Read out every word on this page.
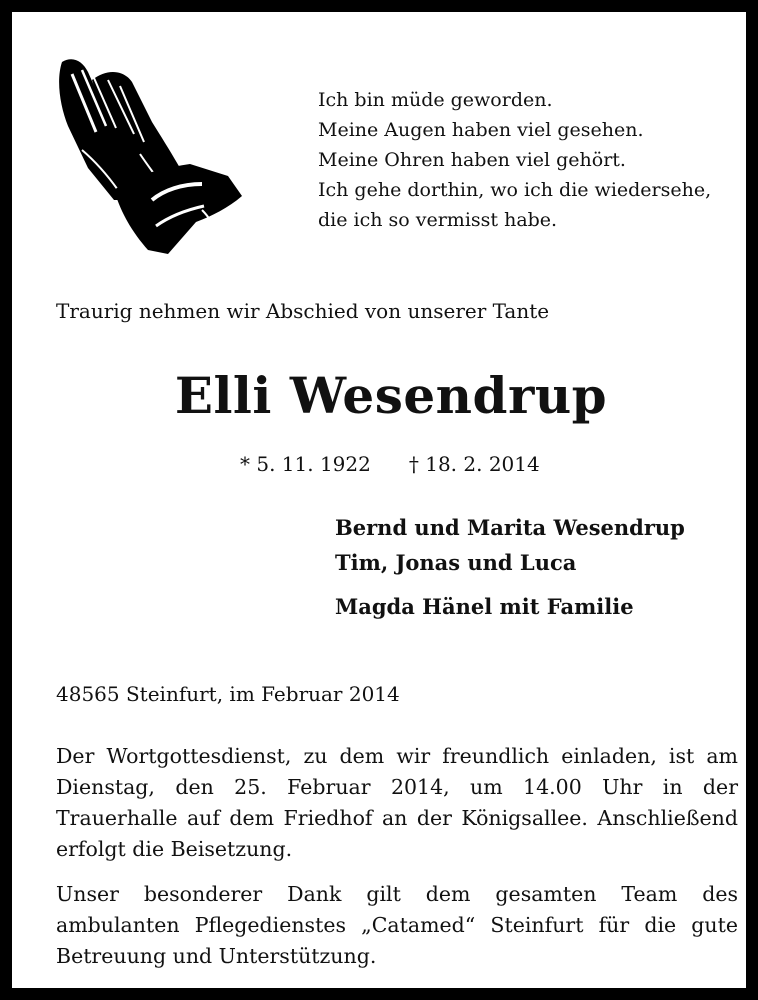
Ich bin müde geworden.
Meine Augen haben viel gesehen.
Meine Ohren haben viel gehört.
Ich gehe dorthin, wo ich die wiedersehe,
die ich so vermisst habe.

Traurig nehmen wir Abschied von unserer Tante
Elli Wesendrup
* 5. 11. 1922 † 18. 2. 2014
Bernd und Marita Wesendrup
Tim, Jonas und Luca
Magda Hänel mit Familie
48565 Steinfurt, im Februar 2014

Der Wortgottesdienst, zu dem wir freundlich einladen, ist am Dienstag, den 25. Februar 2014, um 14.00 Uhr in der Trauerhalle auf dem Friedhof an der Königsallee. Anschließend erfolgt die Beisetzung.

Unser besonderer Dank gilt dem gesamten Team des ambulanten Pflegedienstes „Catamed“ Steinfurt für die gute Betreuung und Unterstützung.
